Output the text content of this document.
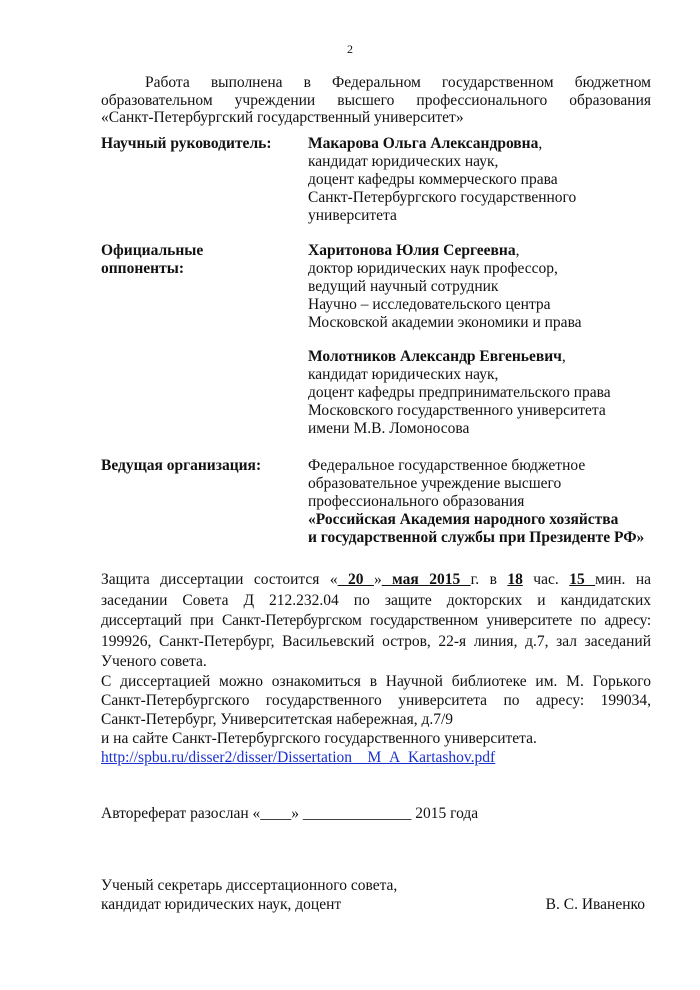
2
Работа выполнена в Федеральном государственном бюджетном
образовательном учреждении высшего профессионального образования
«Санкт-Петербургский государственный университет»
Научный руководитель: Макарова Ольга Александровна,
кандидат юридических наук,
доцент кафедры коммерческого права
Санкт-Петербургского государственного
университета
Официальные
оппоненты:
Харитонова Юлия Сергеевна,
доктор юридических наук профессор,
ведущий научный сотрудник
Научно – исследовательского центра
Московской академии экономики и права
Молотников Александр Евгеньевич,
кандидат юридических наук,
доцент кафедры предпринимательского права
Московского государственного университета
имени М.В. Ломоносова
Ведущая организация:	Федеральное государственное бюджетное
образовательное учреждение высшего
профессионального образования
«Российская Академия народного хозяйства
и государственной службы при Президенте РФ»
Защита диссертации состоится « 20 » мая 2015 г. в 18 час. 15 мин. на
заседании Совета Д 212.232.04 по защите докторских и кандидатских
диссертаций при Санкт-Петербургском государственном университете по адресу:
199926, Санкт-Петербург, Васильевский остров, 22-я линия, д.7, зал заседаний
Ученого совета.
С диссертацией можно ознакомиться в Научной библиотеке им. М. Горького
Санкт-Петербургского государственного университета по адресу: 199034,
Санкт-Петербург, Университетская набережная, д.7/9
и на сайте Санкт-Петербургского государственного университета.
http://spbu.ru/disser2/disser/Dissertation__M_A_Kartashov.pdf
Автореферат разослан «____» ______________ 2015 года
Ученый секретарь диссертационного совета,
кандидат юридических наук, доцент	В. С. Иваненко
